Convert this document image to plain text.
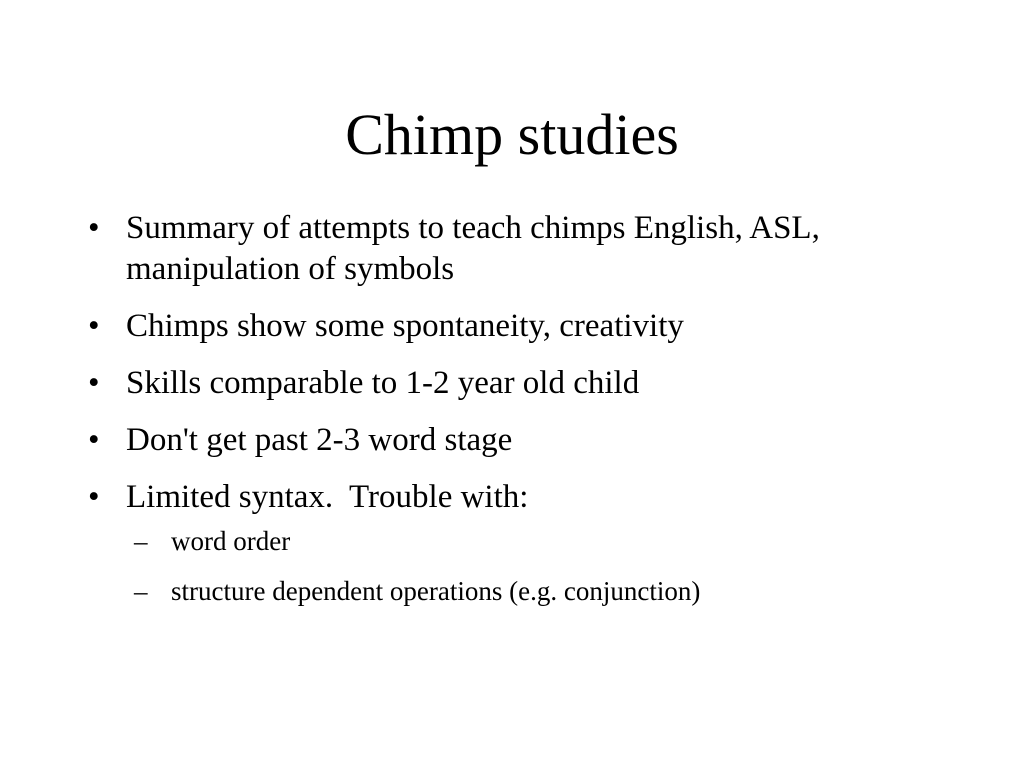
Chimp studies
• Summary of attempts to teach chimps English, ASL, manipulation of symbols
• Chimps show some spontaneity, creativity
• Skills comparable to 1-2 year old child
• Don't get past 2-3 word stage
• Limited syntax.  Trouble with:
– word order
– structure dependent operations (e.g. conjunction)
